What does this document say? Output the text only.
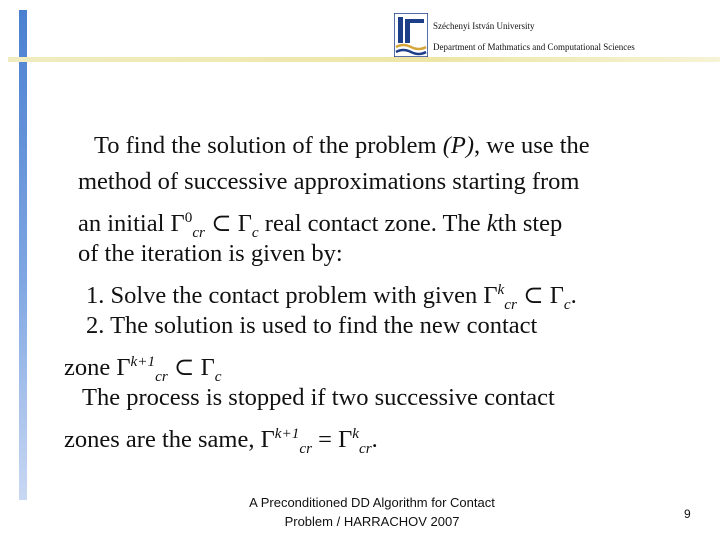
Széchenyi István University
Department of Mathmatics and Computational Sciences
To find the solution of the problem (P), we use the
method of successive approximations starting from
an initial $\Gamma^0_{cr}$ ⊂ $\Gamma_c$ real contact zone. The kth step
of the iteration is given by:
1. Solve the contact problem with given $\Gamma^k_{cr}$ ⊂ $\Gamma_c$.
2. The solution is used to find the new contact
zone $\Gamma^{k+1}_{cr}$ ⊂ $\Gamma_c$
The process is stopped if two successive contact
zones are the same, $\Gamma^{k+1}_{cr} = \Gamma^k_{cr}$.
A Preconditioned DD Algorithm for Contact Problem / HARRACHOV 2007	9
